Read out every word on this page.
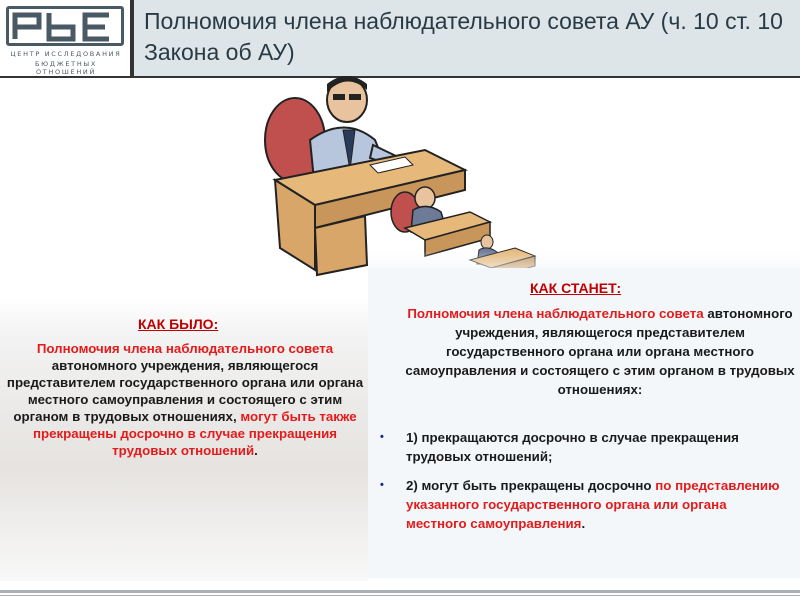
ЦЕНТР ИССЛЕДОВАНИЯ
БЮДЖЕТНЫХ ОТНОШЕНИЙ
Полномочия члена наблюдательного совета АУ (ч. 10 ст. 10 Закона об АУ)
КАК БЫЛО:
Полномочия члена наблюдательного совета автономного учреждения, являющегося представителем государственного органа или органа местного самоуправления и состоящего с этим органом в трудовых отношениях, могут быть также прекращены досрочно в случае прекращения трудовых отношений.
КАК СТАНЕТ:
Полномочия члена наблюдательного совета автономного учреждения, являющегося представителем государственного органа или органа местного самоуправления и состоящего с этим органом в трудовых отношениях:
• 1) прекращаются досрочно в случае прекращения трудовых отношений;
• 2) могут быть прекращены досрочно по представлению указанного государственного органа или органа местного самоуправления.
